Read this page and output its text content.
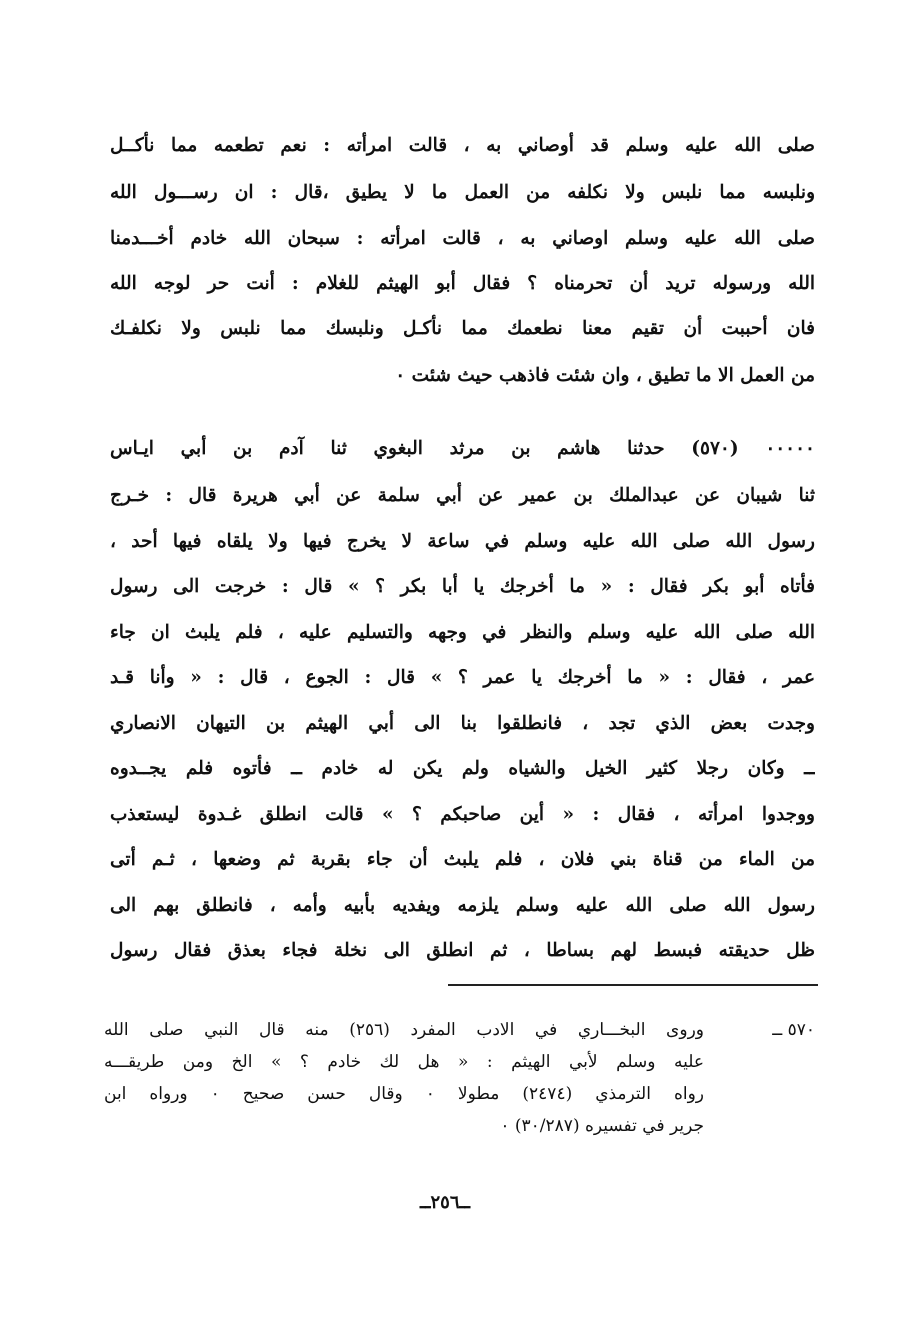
صلى الله عليه وسلم قد أوصاني به ، قالت امرأته : نعم تطعمه مما نأكــل
ونلبسه مما نلبس ولا نكلفه من العمل ما لا يطيق ،قال : ان رســـول الله
صلى الله عليه وسلم اوصاني به ، قالت امرأته : سبحان الله خادم أخـــدمنا
الله ورسوله تريد أن تحرمناه ؟ فقال أبو الهيثم للغلام : أنت حر لوجه الله
فان أحببت أن تقيم معنا نطعمك مما نأكـل ونلبسك مما نلبس ولا نكلفـك
من العمل الا ما تطيق ، وان شئت فاذهب حيث شئت ٠
٠٠٠٠٠ (٥٧٠) حدثنا هاشم بن مرثد البغوي ثنا آدم بن أبي ايـاس
ثنا شيبان عن عبدالملك بن عمير عن أبي سلمة عن أبي هريرة قال : خـرج
رسول الله صلى الله عليه وسلم في ساعة لا يخرج فيها ولا يلقاه فيها أحد ،
فأتاه أبو بكر فقال : « ما أخرجك يا أبا بكر ؟ » قال : خرجت الى رسول
الله صلى الله عليه وسلم والنظر في وجهه والتسليم عليه ، فلم يلبث ان جاء
عمر ، فقال : « ما أخرجك يا عمر ؟ » قال : الجوع ، قال : « وأنا قـد
وجدت بعض الذي تجد ، فانطلقوا بنا الى أبي الهيثم بن التيهان الانصاري
ــ وكان رجلا كثير الخيل والشياه ولم يكن له خادم ــ فأتوه فلم يجــدوه
ووجدوا امرأته ، فقال : « أين صاحبكم ؟ » قالت انطلق غـدوة ليستعذب
من الماء من قناة بني فلان ، فلم يلبث أن جاء بقربة ثم وضعها ، ثـم أتى
رسول الله صلى الله عليه وسلم يلزمه ويفديه بأبيه وأمه ، فانطلق بهم الى
ظل حديقته فبسط لهم بساطا ، ثم انطلق الى نخلة فجاء بعذق فقال رسول
٥٧٠ ــ
وروى البخـــاري في الادب المفرد (٢٥٦) منه قال النبي صلى الله
عليه وسلم لأبي الهيثم : « هل لك خادم ؟ » الخ ومن طريقـــه
رواه الترمذي (٢٤٧٤) مطولا ٠ وقال حسن صحيح ٠ ورواه ابن
جرير في تفسيره (٣٠/٢٨٧) ٠
ــ٢٥٦ــ
